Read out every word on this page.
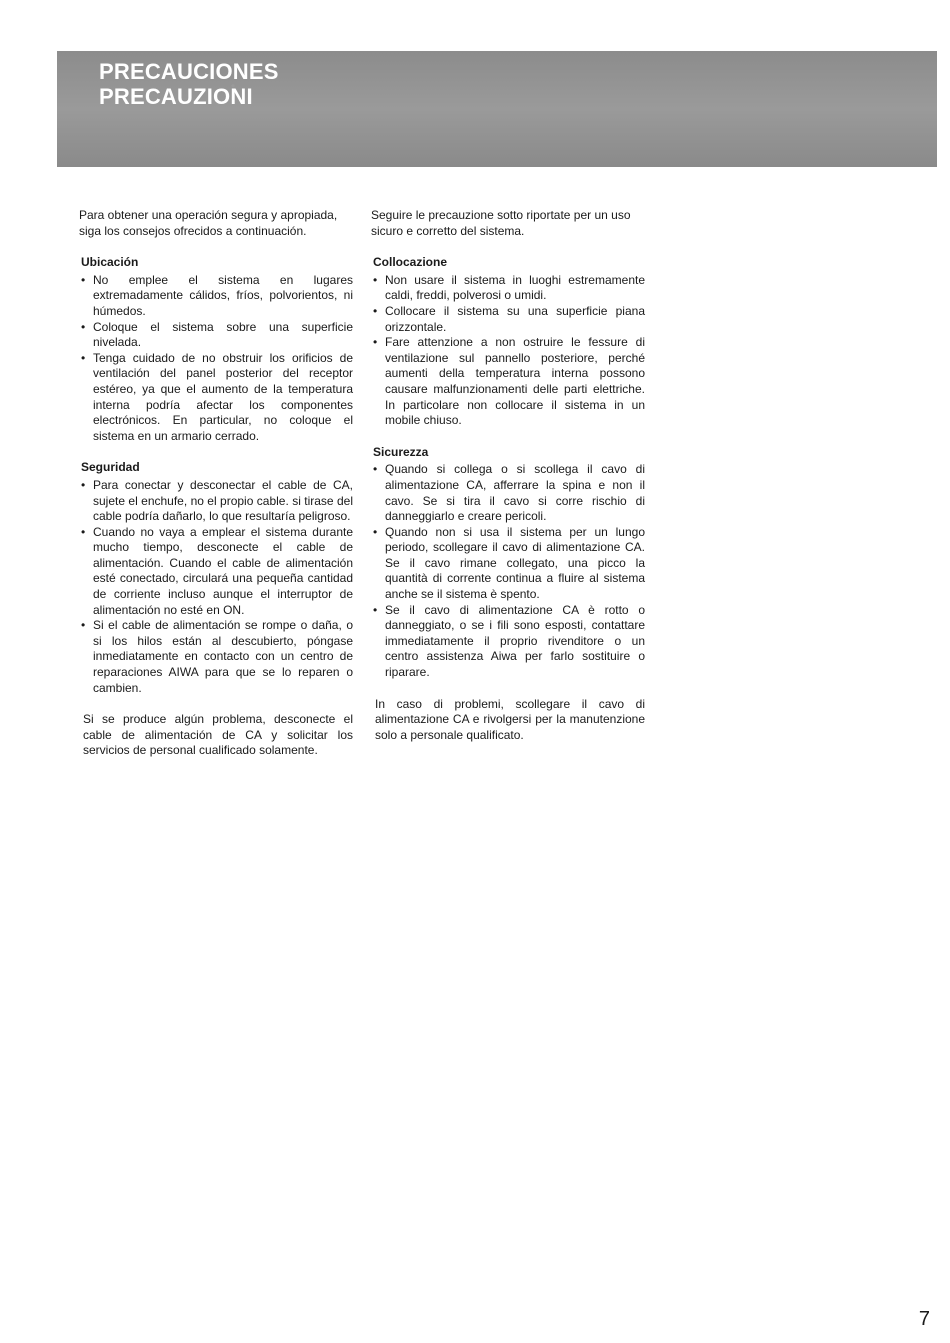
PRECAUCIONES
PRECAUZIONI

Para obtener una operación segura y apropiada, siga los consejos ofrecidos a continuación.

Ubicación
• No emplee el sistema en lugares extremadamente cálidos, fríos, polvorientos, ni húmedos.
• Coloque el sistema sobre una superficie nivelada.
• Tenga cuidado de no obstruir los orificios de ventilación del panel posterior del receptor estéreo, ya que el aumento de la temperatura interna podría afectar los componentes electrónicos. En particular, no coloque el sistema en un armario cerrado.
Seguridad
• Para conectar y desconectar el cable de CA, sujete el enchufe, no el propio cable. si tirase del cable podría dañarlo, lo que resultaría peligroso.
• Cuando no vaya a emplear el sistema durante mucho tiempo, desconecte el cable de alimentación. Cuando el cable de alimentación esté conectado, circulará una pequeña cantidad de corriente incluso aunque el interruptor de alimentación no esté en ON.
• Si el cable de alimentación se rompe o daña, o si los hilos están al descubierto, póngase inmediatamente en contacto con un centro de reparaciones AIWA para que se lo reparen o cambien.

Si se produce algún problema, desconecte el cable de alimentación de CA y solicitar los servicios de personal cualificado solamente.

Seguire le precauzione sotto riportate per un uso sicuro e corretto del sistema.

Collocazione
• Non usare il sistema in luoghi estremamente caldi, freddi, polverosi o umidi.
• Collocare il sistema su una superficie piana orizzontale.
• Fare attenzione a non ostruire le fessure di ventilazione sul pannello posteriore, perché aumenti della temperatura interna possono causare malfunzionamenti delle parti elettriche. In particolare non collocare il sistema in un mobile chiuso.
Sicurezza
• Quando si collega o si scollega il cavo di alimentazione CA, afferrare la spina e non il cavo. Se si tira il cavo si corre rischio di danneggiarlo e creare pericoli.
• Quando non si usa il sistema per un lungo periodo, scollegare il cavo di alimentazione CA. Se il cavo rimane collegato, una picco la quantità di corrente continua a fluire al sistema anche se il sistema è spento.
• Se il cavo di alimentazione CA è rotto o danneggiato, o se i fili sono esposti, contattare immediatamente il proprio rivenditore o un centro assistenza Aiwa per farlo sostituire o riparare.

In caso di problemi, scollegare il cavo di alimentazione CA e rivolgersi per la manutenzione solo a personale qualificato.

7
